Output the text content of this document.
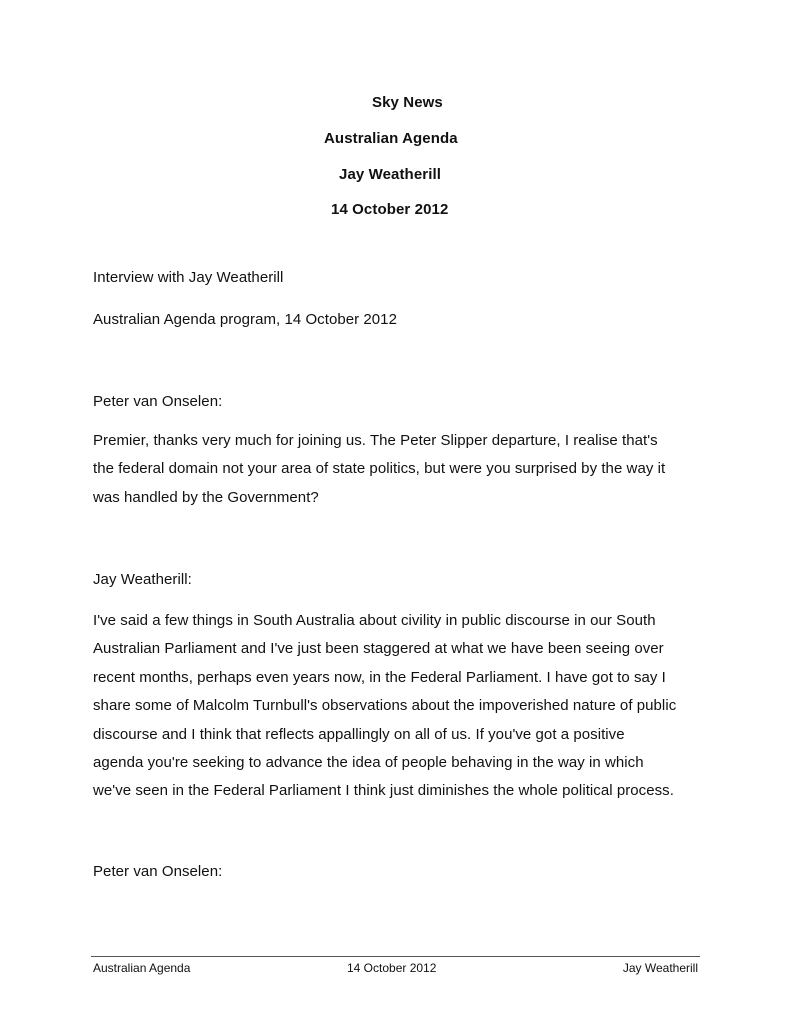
Sky News
Australian Agenda
Jay Weatherill
14 October 2012
Interview with Jay Weatherill
Australian Agenda program, 14 October 2012
Peter van Onselen:
Premier, thanks very much for joining us. The Peter Slipper departure, I realise that's
the federal domain not your area of state politics, but were you surprised by the way it
was handled by the Government?
Jay Weatherill:
I've said a few things in South Australia about civility in public discourse in our South
Australian Parliament and I've just been staggered at what we have been seeing over
recent months, perhaps even years now, in the Federal Parliament. I have got to say I
share some of Malcolm Turnbull's observations about the impoverished nature of public
discourse and I think that reflects appallingly on all of us. If you've got a positive
agenda you're seeking to advance the idea of people behaving in the way in which
we've seen in the Federal Parliament I think just diminishes the whole political process.
Peter van Onselen:
Australian Agenda	14 October 2012	Jay Weatherill
